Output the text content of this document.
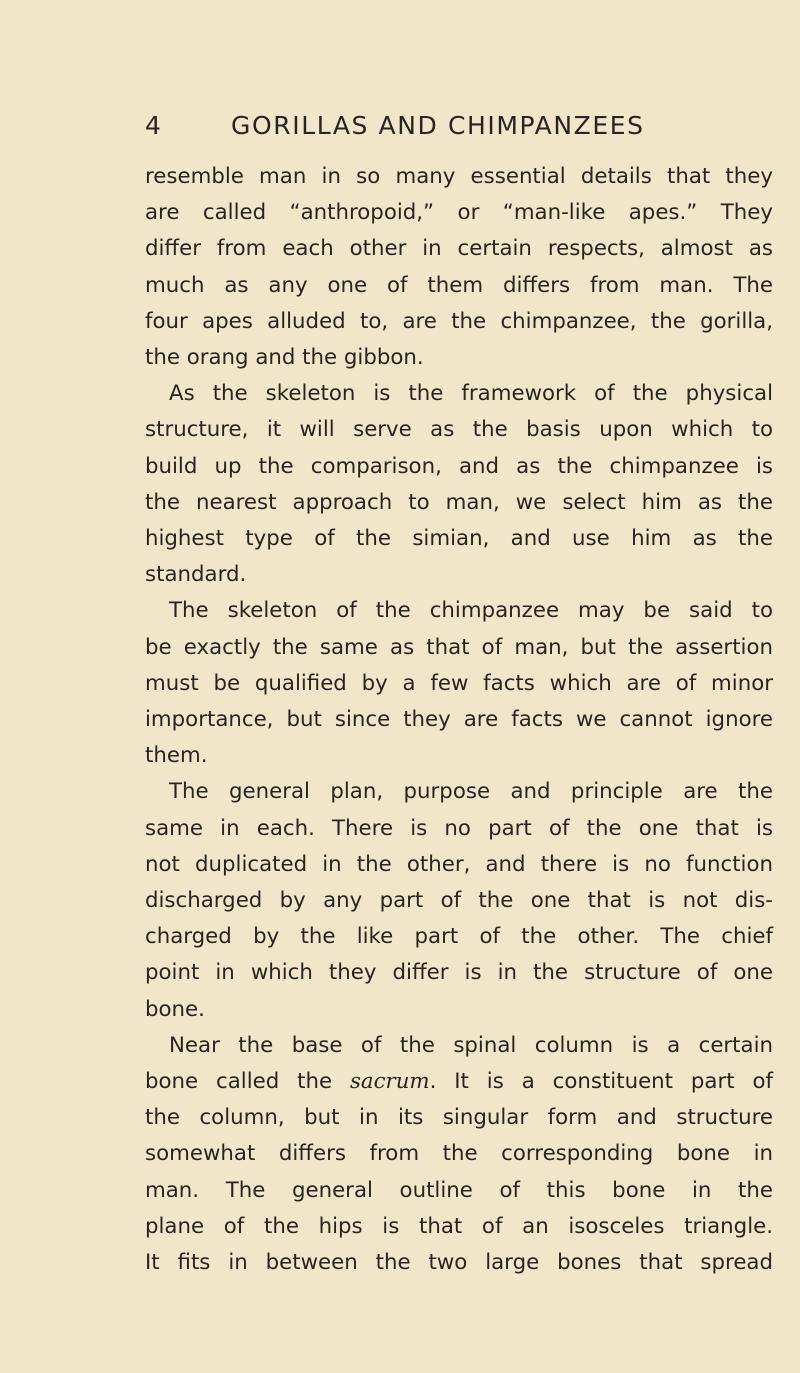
4	GORILLAS AND CHIMPANZEES
resemble man in so many essential details that they
are called “anthropoid,” or “man-like apes.” They
differ from each other in certain respects, almost as
much as any one of them differs from man. The
four apes alluded to, are the chimpanzee, the gorilla,
the orang and the gibbon.
As the skeleton is the framework of the physical
structure, it will serve as the basis upon which to
build up the comparison, and as the chimpanzee is
the nearest approach to man, we select him as the
highest type of the simian, and use him as the
standard.
The skeleton of the chimpanzee may be said to
be exactly the same as that of man, but the assertion
must be qualified by a few facts which are of minor
importance, but since they are facts we cannot ignore
them.
The general plan, purpose and principle are the
same in each. There is no part of the one that is
not duplicated in the other, and there is no function
discharged by any part of the one that is not dis-
charged by the like part of the other. The chief
point in which they differ is in the structure of one
bone.
Near the base of the spinal column is a certain
bone called the sacrum. It is a constituent part of
the column, but in its singular form and structure
somewhat differs from the corresponding bone in
man. The general outline of this bone in the
plane of the hips is that of an isosceles triangle.
It fits in between the two large bones that spread
